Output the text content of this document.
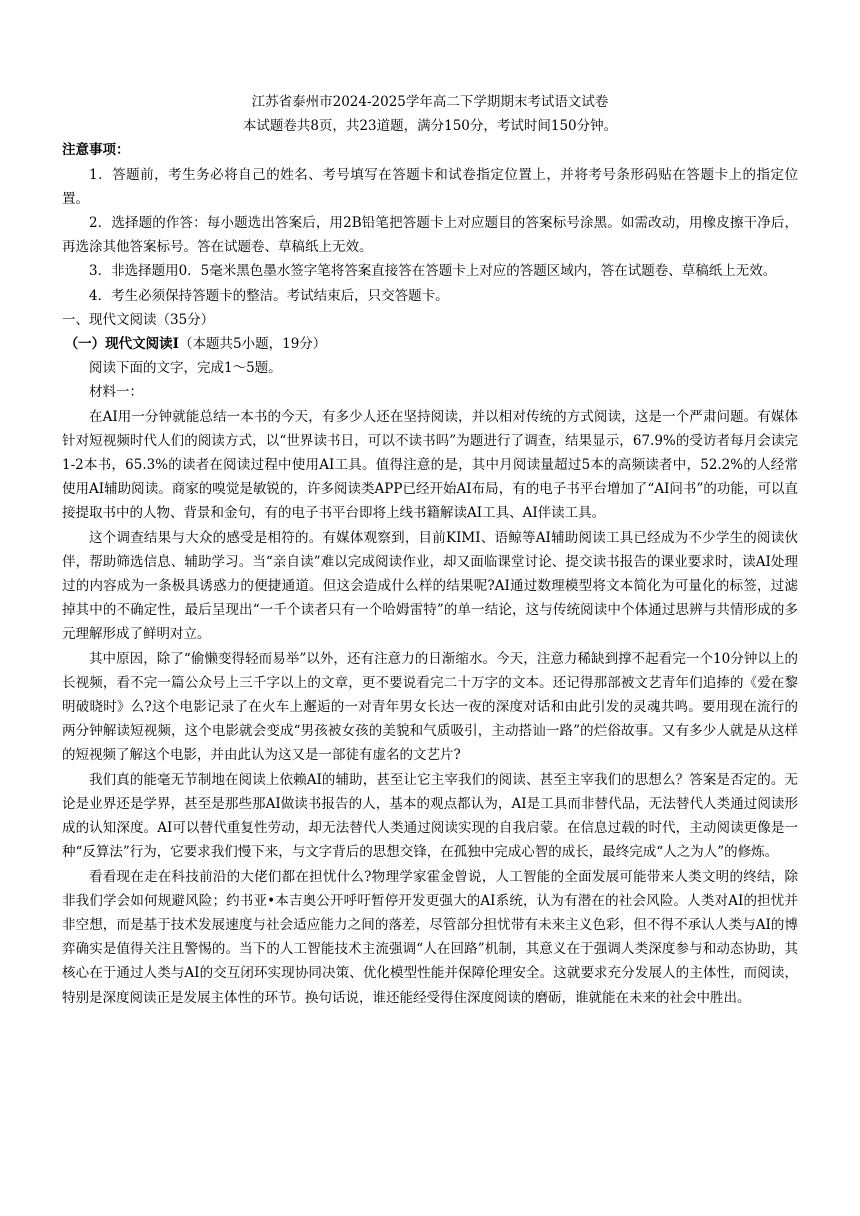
江苏省泰州市2024-2025学年高二下学期期末考试语文试卷
本试题卷共8页，共23道题，满分150分，考试时间150分钟。
注意事项：

1．答题前，考生务必将自己的姓名、考号填写在答题卡和试卷指定位置上，并将考号条形码贴在答题卡上的指定位置。

2．选择题的作答：每小题选出答案后，用2B铅笔把答题卡上对应题目的答案标号涂黑。如需改动，用橡皮擦干净后，再选涂其他答案标号。答在试题卷、草稿纸上无效。

3．非选择题用0．5毫米黑色墨水签字笔将答案直接答在答题卡上对应的答题区域内，答在试题卷、草稿纸上无效。

4．考生必须保持答题卡的整洁。考试结束后，只交答题卡。

一、现代文阅读（35分）
（一）现代文阅读Ⅰ（本题共5小题，19分）

阅读下面的文字，完成1～5题。

材料一：

在AI用一分钟就能总结一本书的今天，有多少人还在坚持阅读，并以相对传统的方式阅读，这是一个严肃问题。有媒体针对短视频时代人们的阅读方式，以“世界读书日，可以不读书吗”为题进行了调查，结果显示，67.9%的受访者每月会读完1-2本书，65.3%的读者在阅读过程中使用AI工具。值得注意的是，其中月阅读量超过5本的高频读者中，52.2%的人经常使用AI辅助阅读。商家的嗅觉是敏锐的，许多阅读类APP已经开始AI布局，有的电子书平台增加了“AI问书”的功能，可以直接提取书中的人物、背景和金句，有的电子书平台即将上线书籍解读AI工具、AI伴读工具。

这个调查结果与大众的感受是相符的。有媒体观察到，目前KIMI、语鲸等AI辅助阅读工具已经成为不少学生的阅读伙伴，帮助筛选信息、辅助学习。当“亲自读”难以完成阅读作业，却又面临课堂讨论、提交读书报告的课业要求时，读AI处理过的内容成为一条极具诱惑力的便捷通道。但这会造成什么样的结果呢?AI通过数理模型将文本简化为可量化的标签，过滤掉其中的不确定性，最后呈现出“一千个读者只有一个哈姆雷特”的单一结论，这与传统阅读中个体通过思辨与共情形成的多元理解形成了鲜明对立。

其中原因，除了“偷懒变得轻而易举”以外，还有注意力的日渐缩水。今天，注意力稀缺到撑不起看完一个10分钟以上的长视频，看不完一篇公众号上三千字以上的文章，更不要说看完二十万字的文本。还记得那部被文艺青年们追捧的《爱在黎明破晓时》么?这个电影记录了在火车上邂逅的一对青年男女长达一夜的深度对话和由此引发的灵魂共鸣。要用现在流行的两分钟解读短视频，这个电影就会变成“男孩被女孩的美貌和气质吸引，主动搭讪一路”的烂俗故事。又有多少人就是从这样的短视频了解这个电影，并由此认为这又是一部徒有虚名的文艺片?

我们真的能毫无节制地在阅读上依赖AI的辅助，甚至让它主宰我们的阅读、甚至主宰我们的思想么？答案是否定的。无论是业界还是学界，甚至是那些那AI做读书报告的人，基本的观点都认为，AI是工具而非替代品，无法替代人类通过阅读形成的认知深度。AI可以替代重复性劳动，却无法替代人类通过阅读实现的自我启蒙。在信息过载的时代，主动阅读更像是一种“反算法”行为，它要求我们慢下来，与文字背后的思想交锋，在孤独中完成心智的成长，最终完成“人之为人”的修炼。

看看现在走在科技前沿的大佬们都在担忧什么?物理学家霍金曾说，人工智能的全面发展可能带来人类文明的终结，除非我们学会如何规避风险；约书亚•本吉奥公开呼吁暂停开发更强大的AI系统，认为有潜在的社会风险。人类对AI的担忧并非空想，而是基于技术发展速度与社会适应能力之间的落差，尽管部分担忧带有未来主义色彩，但不得不承认人类与AI的博弈确实是值得关注且警惕的。当下的人工智能技术主流强调“人在回路”机制，其意义在于强调人类深度参与和动态协助，其核心在于通过人类与AI的交互闭环实现协同决策、优化模型性能并保障伦理安全。这就要求充分发展人的主体性，而阅读，特别是深度阅读正是发展主体性的环节。换句话说，谁还能经受得住深度阅读的磨砺，谁就能在未来的社会中胜出。
